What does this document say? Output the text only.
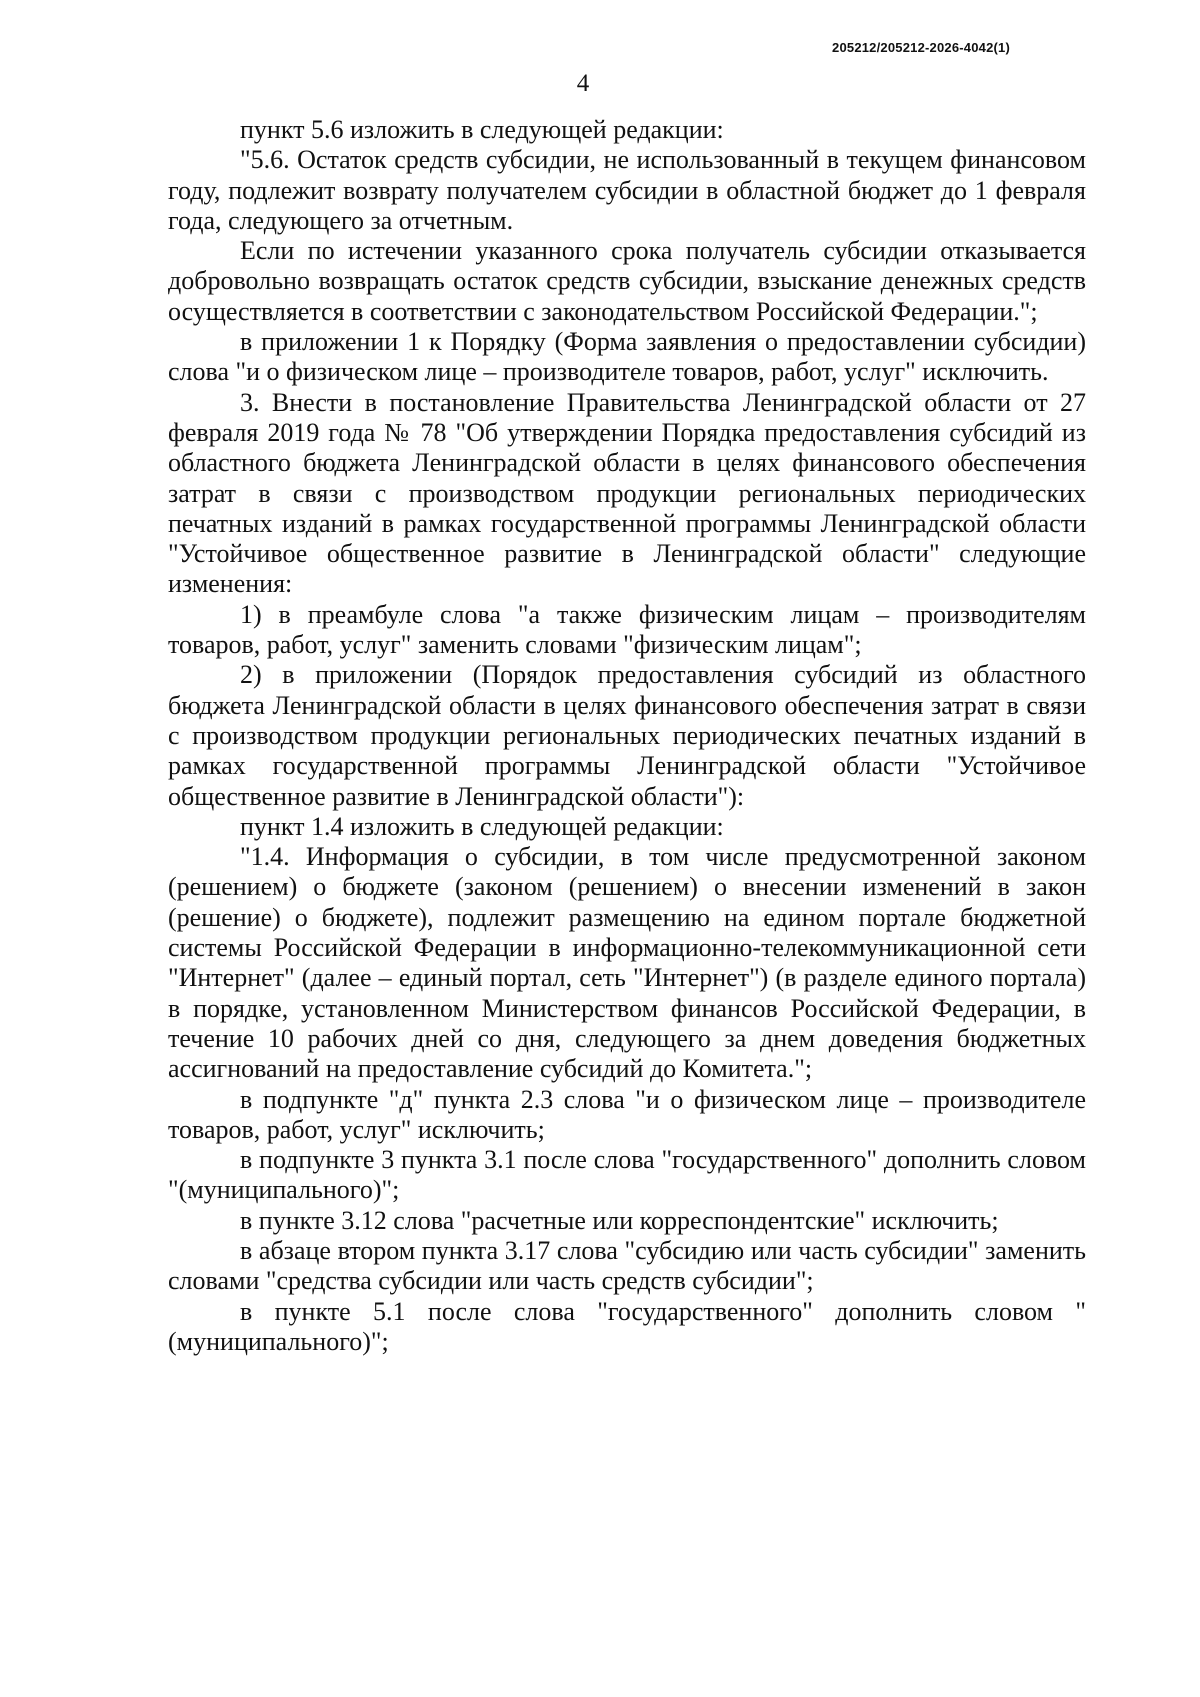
205212/205212-2026-4042(1)
4

пункт 5.6 изложить в следующей редакции:

"5.6. Остаток средств субсидии, не использованный в текущем финансовом году, подлежит возврату получателем субсидии в областной бюджет до 1 февраля года, следующего за отчетным.

Если по истечении указанного срока получатель субсидии отказывается добровольно возвращать остаток средств субсидии, взыскание денежных средств осуществляется в соответствии с законодательством Российской Федерации.";

в приложении 1 к Порядку (Форма заявления о предоставлении субсидии) слова "и о физическом лице – производителе товаров, работ, услуг" исключить.

3. Внести в постановление Правительства Ленинградской области от 27 февраля 2019 года № 78 "Об утверждении Порядка предоставления субсидий из областного бюджета Ленинградской области в целях финансового обеспечения затрат в связи с производством продукции региональных периодических печатных изданий в рамках государственной программы Ленинградской области "Устойчивое общественное развитие в Ленинградской области" следующие изменения:

1) в преамбуле слова "а также физическим лицам – производителям товаров, работ, услуг" заменить словами "физическим лицам";

2) в приложении (Порядок предоставления субсидий из областного бюджета Ленинградской области в целях финансового обеспечения затрат в связи с производством продукции региональных периодических печатных изданий в рамках государственной программы Ленинградской области "Устойчивое общественное развитие в Ленинградской области"):

пункт 1.4 изложить в следующей редакции:

"1.4. Информация о субсидии, в том числе предусмотренной законом (решением) о бюджете (законом (решением) о внесении изменений в закон (решение) о бюджете), подлежит размещению на едином портале бюджетной системы Российской Федерации в информационно-телекоммуникационной сети "Интернет" (далее – единый портал, сеть "Интернет") (в разделе единого портала) в порядке, установленном Министерством финансов Российской Федерации, в течение 10 рабочих дней со дня, следующего за днем доведения бюджетных ассигнований на предоставление субсидий до Комитета.";

в подпункте "д" пункта 2.3 слова "и о физическом лице – производителе товаров, работ, услуг" исключить;

в подпункте 3 пункта 3.1 после слова "государственного" дополнить словом "(муниципального)";

в пункте 3.12 слова "расчетные или корреспондентские" исключить;

в абзаце втором пункта 3.17 слова "субсидию или часть субсидии" заменить словами "средства субсидии или часть средств субсидии";

в пункте 5.1 после слова "государственного" дополнить словом "(муниципального)";
